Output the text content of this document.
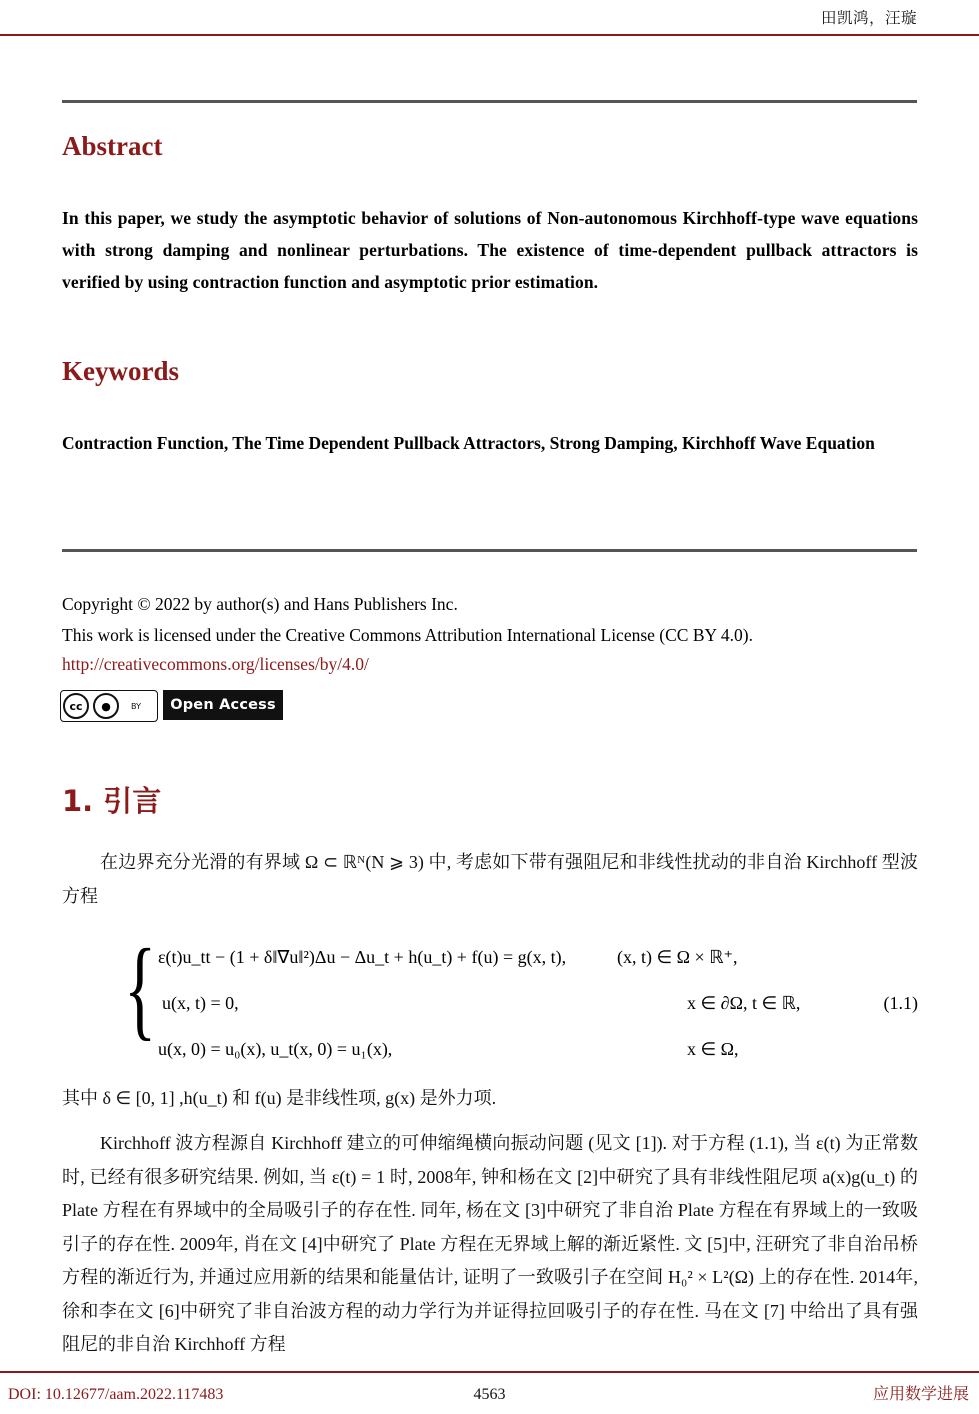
田凯鸿，汪璇
Abstract
In this paper, we study the asymptotic behavior of solutions of Non-autonomous Kirchhoff-type wave equations with strong damping and nonlinear perturbations. The existence of time-dependent pullback attractors is verified by using contraction function and asymptotic prior estimation.
Keywords
Contraction Function, The Time Dependent Pullback Attractors, Strong Damping, Kirchhoff Wave Equation
Copyright © 2022 by author(s) and Hans Publishers Inc.
This work is licensed under the Creative Commons Attribution International License (CC BY 4.0).
http://creativecommons.org/licenses/by/4.0/
cc	●	BY	Open Access
1. 引言
在边界充分光滑的有界域 Ω ⊂ ℝᴺ(N ⩾ 3) 中, 考虑如下带有强阻尼和非线性扰动的非自治 Kirchhoff 型波方程
{ ε(t)u_tt − (1 + δ‖∇u‖²)Δu − Δu_t + h(u_t) + f(u) = g(x, t),	(x, t) ∈ Ω × ℝ⁺,
u(x, t) = 0,	x ∈ ∂Ω, t ∈ ℝ,
u(x, 0) = u₀(x), u_t(x, 0) = u₁(x),	x ∈ Ω,
(1.1)
其中 δ ∈ [0, 1] ,h(u_t) 和 f(u) 是非线性项, g(x) 是外力项.
Kirchhoff 波方程源自 Kirchhoff 建立的可伸缩绳横向振动问题 (见文 [1]). 对于方程 (1.1), 当 ε(t) 为正常数时, 已经有很多研究结果. 例如, 当 ε(t) = 1 时, 2008年, 钟和杨在文 [2]中研究了具有非线性阻尼项 a(x)g(u_t) 的 Plate 方程在有界域中的全局吸引子的存在性. 同年, 杨在文 [3]中研究了非自治 Plate 方程在有界域上的一致吸引子的存在性. 2009年, 肖在文 [4]中研究了 Plate 方程在无界域上解的渐近紧性. 文 [5]中, 汪研究了非自治吊桥方程的渐近行为, 并通过应用新的结果和能量估计, 证明了一致吸引子在空间 H₀² × L²(Ω) 上的存在性. 2014年, 徐和李在文 [6]中研究了非自治波方程的动力学行为并证得拉回吸引子的存在性. 马在文 [7] 中给出了具有强阻尼的非自治 Kirchhoff 方程
DOI: 10.12677/aam.2022.117483	4563	应用数学进展
